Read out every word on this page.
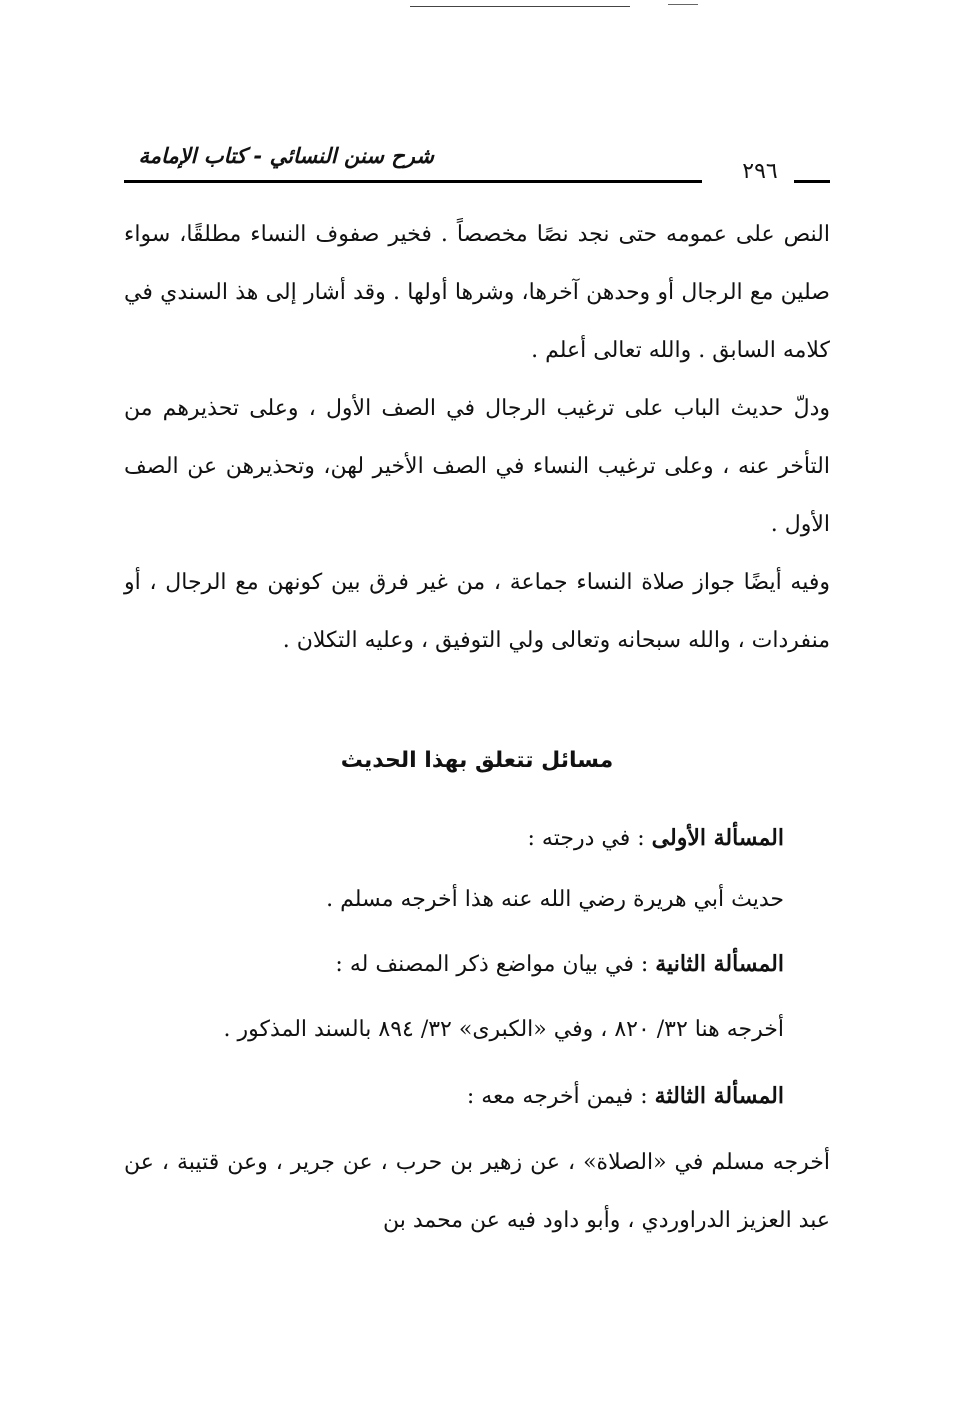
شرح سنن النسائي - كتاب الإمامة
٢٩٦

النص على عمومه حتى نجد نصًا مخصصاً . فخير صفوف النساء مطلقًا، سواء صلين مع الرجال أو وحدهن آخرها، وشرها أولها . وقد أشار إلى هذ السندي في كلامه السابق . والله تعالى أعلم .

ودلّ حديث الباب على ترغيب الرجال في الصف الأول ، وعلى تحذيرهم من التأخر عنه ، وعلى ترغيب النساء في الصف الأخير لهن، وتحذيرهن عن الصف الأول .

وفيه أيضًا جواز صلاة النساء جماعة ، من غير فرق بين كونهن مع الرجال ، أو منفردات ، والله سبحانه وتعالى ولي التوفيق ، وعليه التكلان .

مسائل تتعلق بهذا الحديث
المسألة الأولى : في درجته :
حديث أبي هريرة رضي الله عنه هذا أخرجه مسلم .
المسألة الثانية : في بيان مواضع ذكر المصنف له :
أخرجه هنا ٣٢/ ٨٢٠ ، وفي «الكبرى» ٣٢/ ٨٩٤ بالسند المذكور .
المسألة الثالثة : فيمن أخرجه معه :

أخرجه مسلم في «الصلاة» ، عن زهير بن حرب ، عن جرير ، وعن قتيبة ، عن عبد العزيز الدراوردي ، وأبو داود فيه عن محمد بن
